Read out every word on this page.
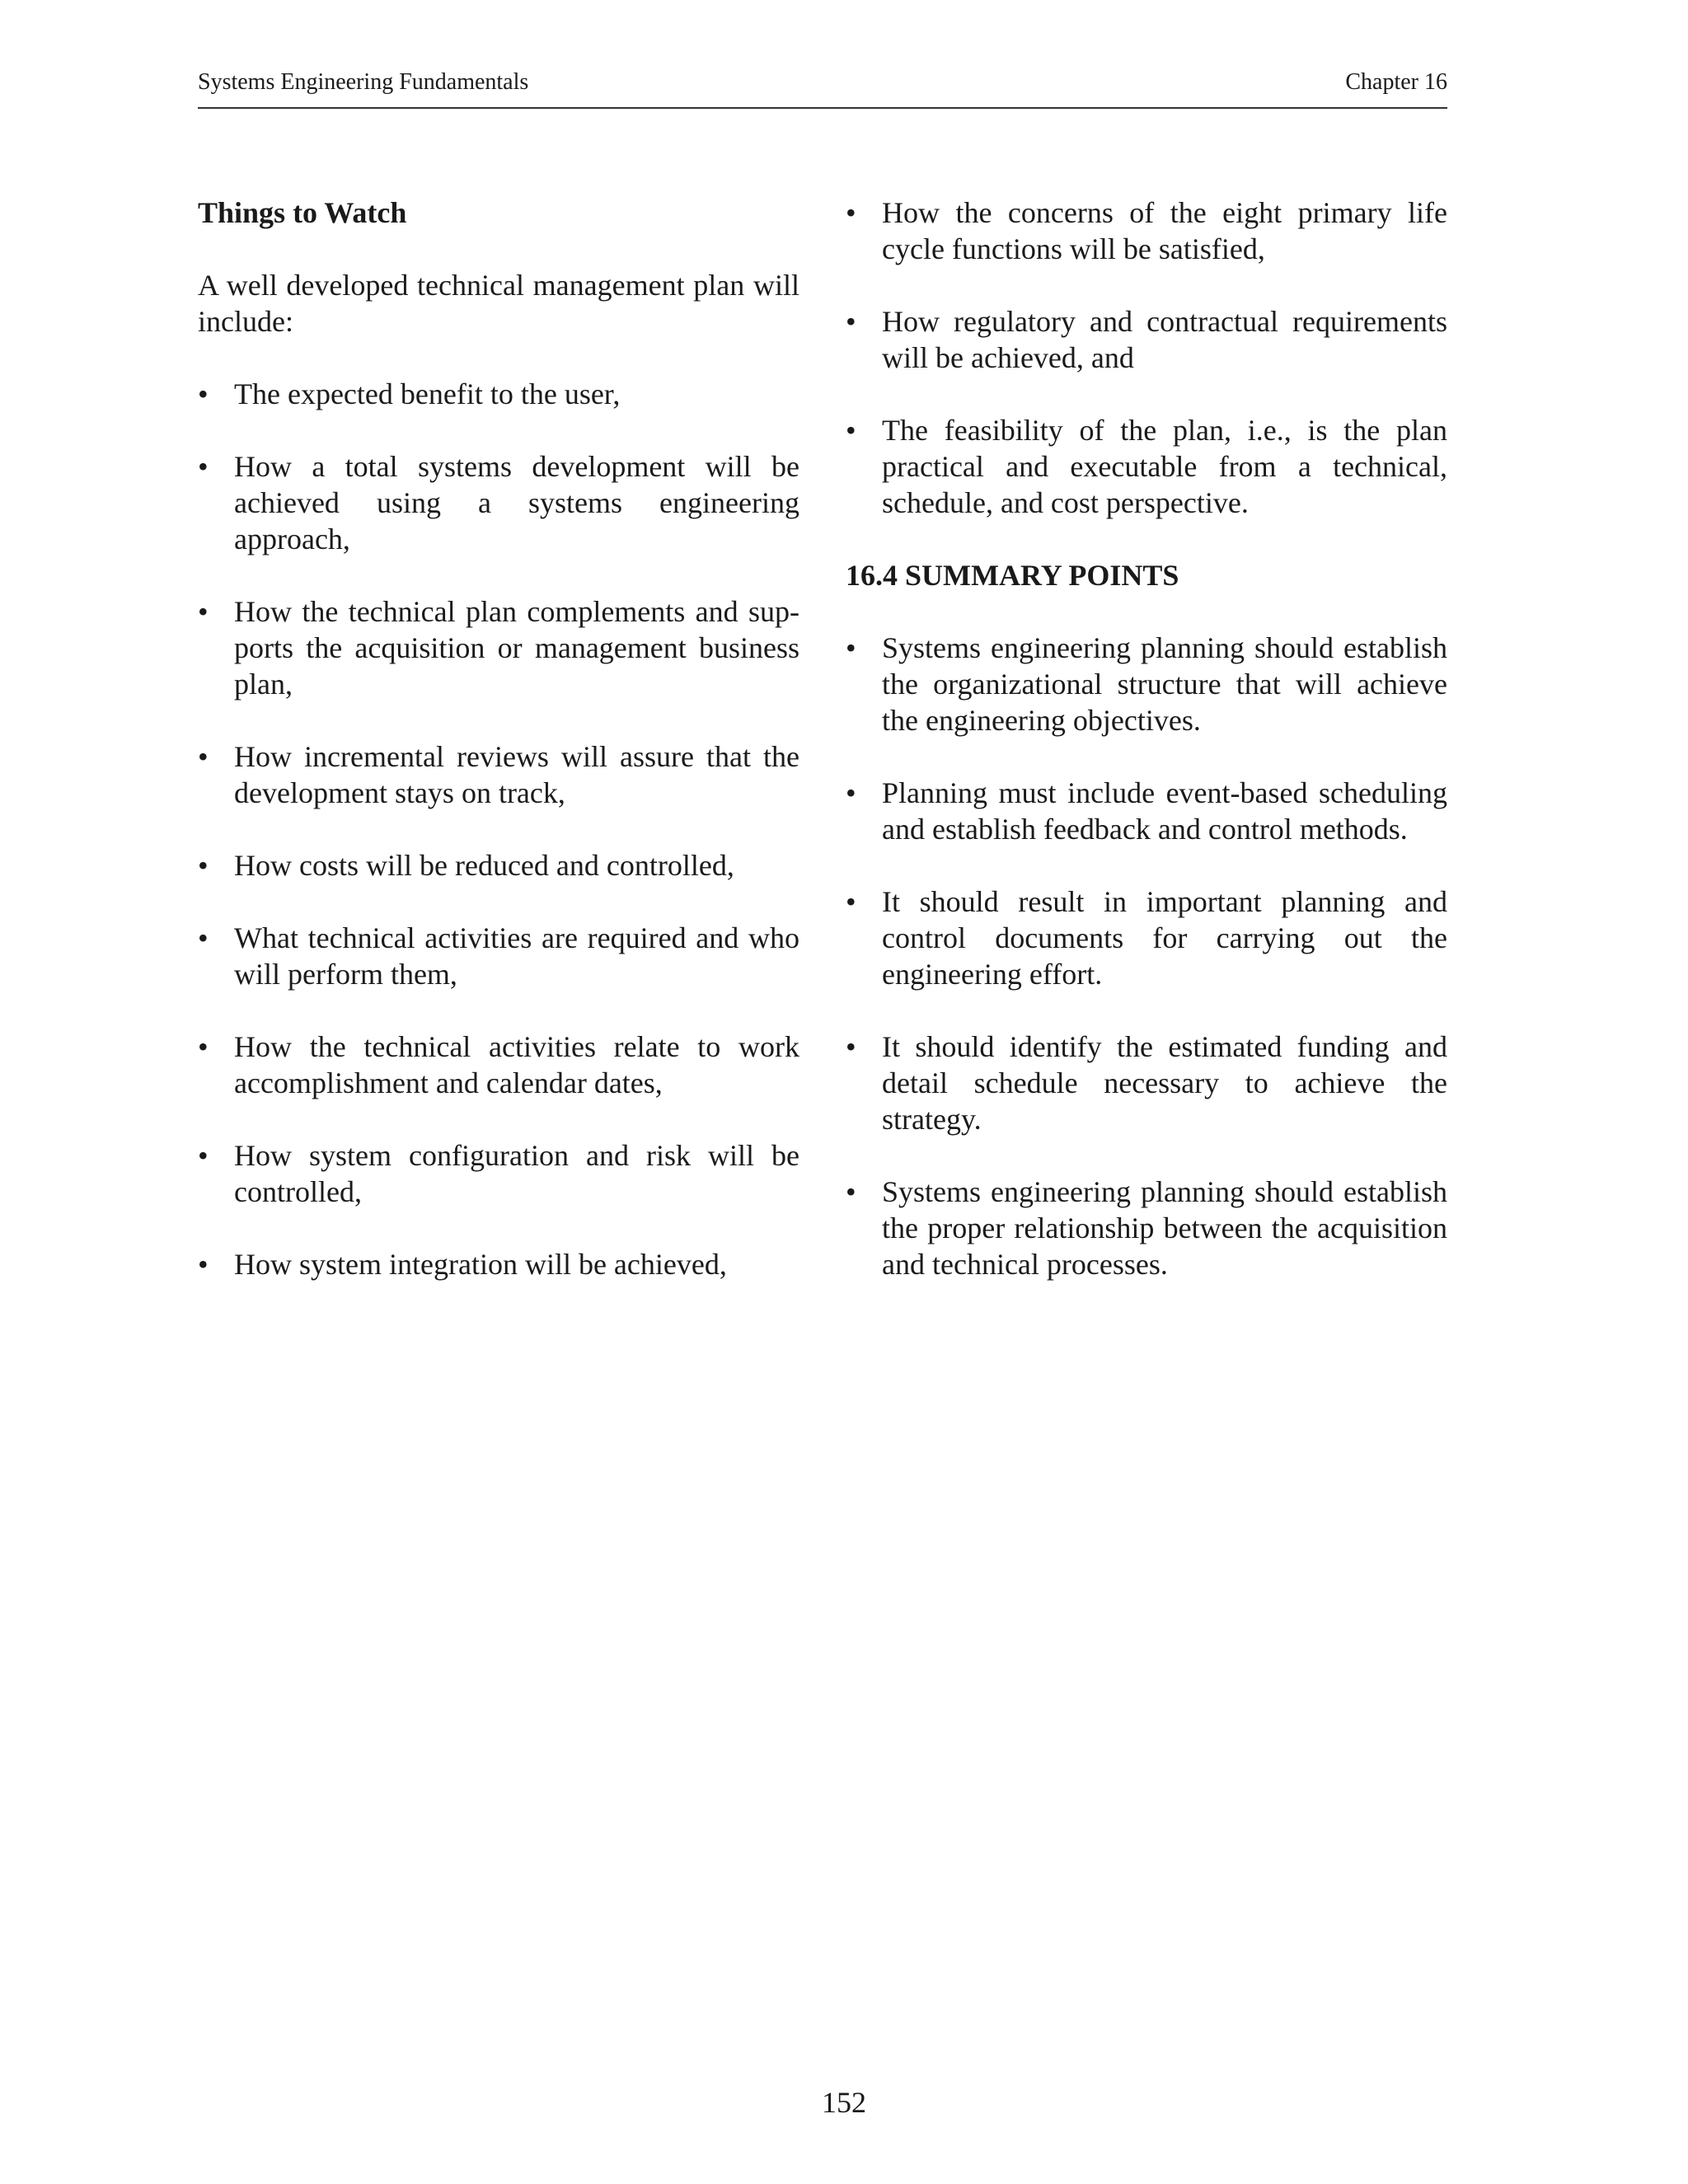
Systems Engineering Fundamentals	Chapter 16
Things to Watch
A well developed technical management plan will include:
• The expected benefit to the user,
• How a total systems development will be achieved using a systems engineering approach,
• How the technical plan complements and sup-ports the acquisition or management business plan,
• How incremental reviews will assure that the development stays on track,
• How costs will be reduced and controlled,
• What technical activities are required and who will perform them,
• How the technical activities relate to work accomplishment and calendar dates,
• How system configuration and risk will be controlled,
• How system integration will be achieved,
• How the concerns of the eight primary life cycle functions will be satisfied,
• How regulatory and contractual requirements will be achieved, and
• The feasibility of the plan, i.e., is the plan practical and executable from a technical, schedule, and cost perspective.
16.4 SUMMARY POINTS
• Systems engineering planning should establish the organizational structure that will achieve the engineering objectives.
• Planning must include event-based scheduling and establish feedback and control methods.
• It should result in important planning and control documents for carrying out the engineering effort.
• It should identify the estimated funding and detail schedule necessary to achieve the strategy.
• Systems engineering planning should establish the proper relationship between the acquisition and technical processes.
152
